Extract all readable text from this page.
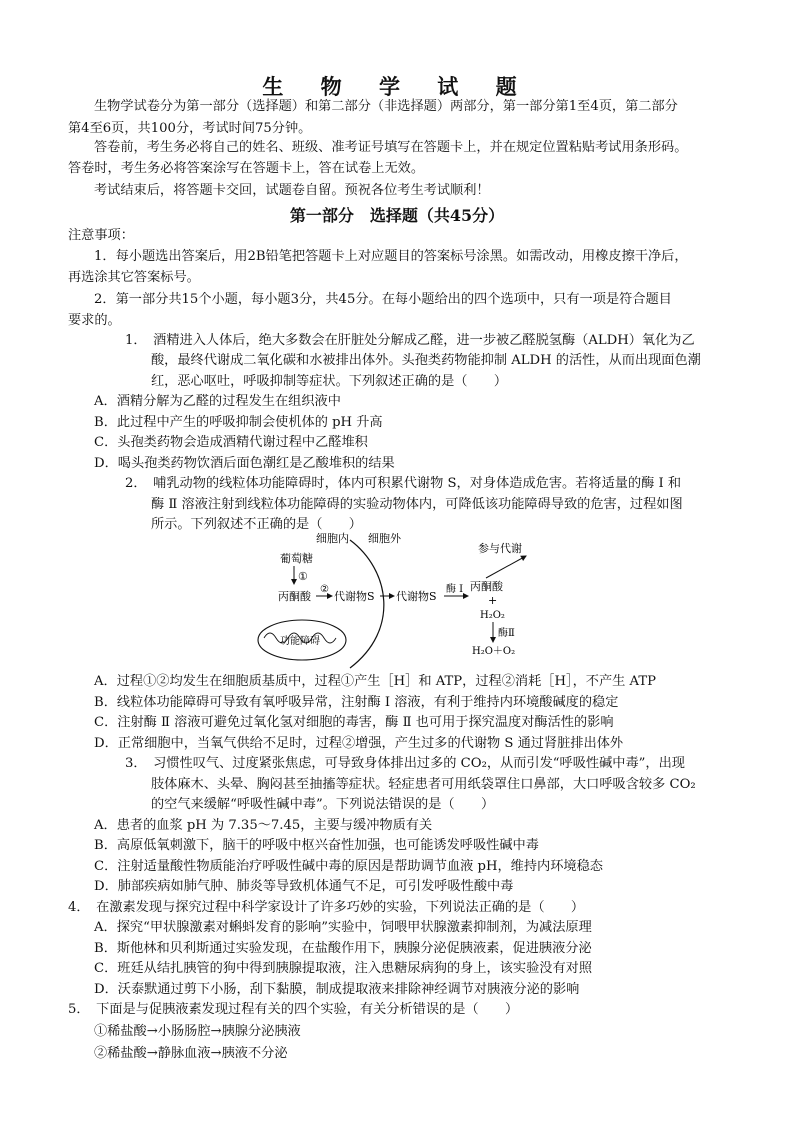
生 物 学 试 题
生物学试卷分为第一部分（选择题）和第二部分（非选择题）两部分，第一部分第1至4页，第二部分
第4至6页，共100分，考试时间75分钟。
答卷前，考生务必将自己的姓名、班级、准考证号填写在答题卡上，并在规定位置粘贴考试用条形码。
答卷时，考生务必将答案涂写在答题卡上，答在试卷上无效。
考试结束后，将答题卡交回，试题卷自留。预祝各位考生考试顺利！
第一部分　选择题（共45分）
注意事项：
1．每小题选出答案后，用2B铅笔把答题卡上对应题目的答案标号涂黑。如需改动，用橡皮擦干净后，
再选涂其它答案标号。
2．第一部分共15个小题，每小题3分，共45分。在每小题给出的四个选项中，只有一项是符合题目
要求的。
1．　酒精进入人体后，绝大多数会在肝脏处分解成乙醛，进一步被乙醛脱氢酶（ALDH）氧化为乙
酸，最终代谢成二氧化碳和水被排出体外。头孢类药物能抑制 ALDH 的活性，从而出现面色潮
红，恶心呕吐，呼吸抑制等症状。下列叙述正确的是（　　）
A．酒精分解为乙醛的过程发生在组织液中
B．此过程中产生的呼吸抑制会使机体的 pH 升高
C．头孢类药物会造成酒精代谢过程中乙醛堆积
D．喝头孢类药物饮酒后面色潮红是乙酸堆积的结果
2．　哺乳动物的线粒体功能障碍时，体内可积累代谢物 S，对身体造成危害。若将适量的酶 Ⅰ 和
酶 Ⅱ 溶液注射到线粒体功能障碍的实验动物体内，可降低该功能障碍导致的危害，过程如图
所示。下列叙述不正确的是（　　）
细胞内 细胞外
葡萄糖
①
丙酮酸
②
代谢物S 代谢物S
酶 Ⅰ 丙酮酸
参与代谢
+
H₂O₂
酶Ⅱ
H₂O＋O₂
功能障碍
A．过程①②均发生在细胞质基质中，过程①产生［H］和 ATP，过程②消耗［H］，不产生 ATP
B．线粒体功能障碍可导致有氧呼吸异常，注射酶 Ⅰ 溶液，有利于维持内环境酸碱度的稳定
C．注射酶 Ⅱ 溶液可避免过氧化氢对细胞的毒害，酶 Ⅱ 也可用于探究温度对酶活性的影响
D．正常细胞中，当氧气供给不足时，过程②增强，产生过多的代谢物 S 通过肾脏排出体外
3．　习惯性叹气、过度紧张焦虑，可导致身体排出过多的 CO₂，从而引发“呼吸性碱中毒”，出现
肢体麻木、头晕、胸闷甚至抽搐等症状。轻症患者可用纸袋罩住口鼻部，大口呼吸含较多 CO₂
的空气来缓解“呼吸性碱中毒”。下列说法错误的是（　　）
A．患者的血浆 pH 为 7.35～7.45，主要与缓冲物质有关
B．高原低氧刺激下，脑干的呼吸中枢兴奋性加强，也可能诱发呼吸性碱中毒
C．注射适量酸性物质能治疗呼吸性碱中毒的原因是帮助调节血液 pH，维持内环境稳态
D．肺部疾病如肺气肿、肺炎等导致机体通气不足，可引发呼吸性酸中毒
4．　在激素发现与探究过程中科学家设计了许多巧妙的实验，下列说法正确的是（　　）
A．探究“甲状腺激素对蝌蚪发育的影响”实验中，饲喂甲状腺激素抑制剂，为减法原理
B．斯他林和贝利斯通过实验发现，在盐酸作用下，胰腺分泌促胰液素，促进胰液分泌
C．班廷从结扎胰管的狗中得到胰腺提取液，注入患糖尿病狗的身上，该实验没有对照
D．沃泰默通过剪下小肠，刮下黏膜，制成提取液来排除神经调节对胰液分泌的影响
5．　下面是与促胰液素发现过程有关的四个实验，有关分析错误的是（　　）
①稀盐酸→小肠肠腔→胰腺分泌胰液
②稀盐酸→静脉血液→胰液不分泌
